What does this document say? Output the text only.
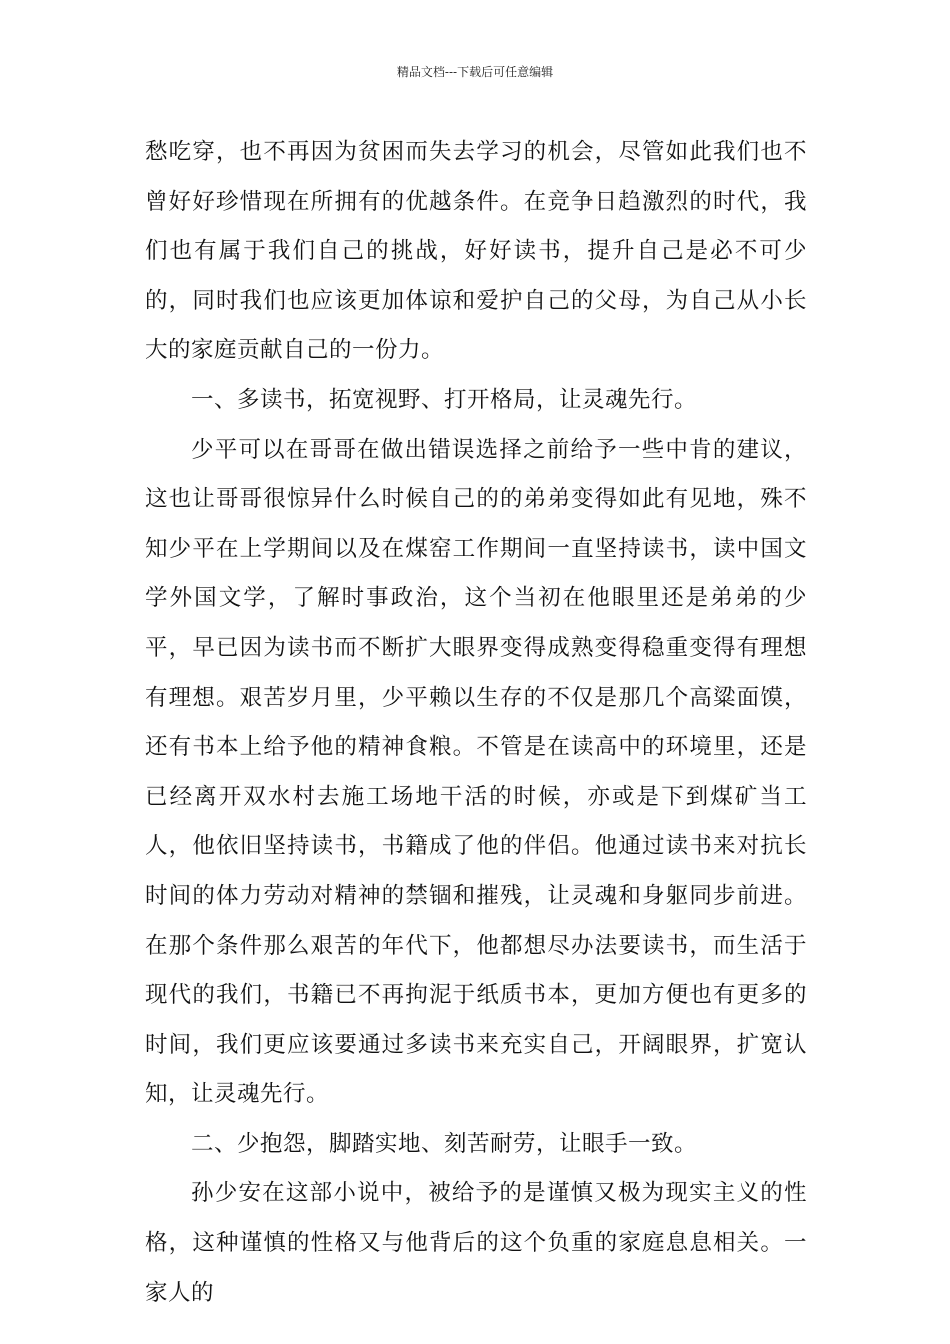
精品文档---下载后可任意编辑

愁吃穿，也不再因为贫困而失去学习的机会，尽管如此我们也不曾好好珍惜现在所拥有的优越条件。在竞争日趋激烈的时代，我们也有属于我们自己的挑战，好好读书，提升自己是必不可少的，同时我们也应该更加体谅和爱护自己的父母，为自己从小长大的家庭贡献自己的一份力。

一、多读书，拓宽视野、打开格局，让灵魂先行。

少平可以在哥哥在做出错误选择之前给予一些中肯的建议，这也让哥哥很惊异什么时候自己的的弟弟变得如此有见地，殊不知少平在上学期间以及在煤窑工作期间一直坚持读书，读中国文学外国文学，了解时事政治，这个当初在他眼里还是弟弟的少平，早已因为读书而不断扩大眼界变得成熟变得稳重变得有理想有理想。艰苦岁月里，少平赖以生存的不仅是那几个高粱面馍，还有书本上给予他的精神食粮。不管是在读高中的环境里，还是已经离开双水村去施工场地干活的时候，亦或是下到煤矿当工人，他依旧坚持读书，书籍成了他的伴侣。他通过读书来对抗长时间的体力劳动对精神的禁锢和摧残，让灵魂和身躯同步前进。在那个条件那么艰苦的年代下，他都想尽办法要读书，而生活于现代的我们，书籍已不再拘泥于纸质书本，更加方便也有更多的时间，我们更应该要通过多读书来充实自己，开阔眼界，扩宽认知，让灵魂先行。

二、少抱怨，脚踏实地、刻苦耐劳，让眼手一致。

孙少安在这部小说中，被给予的是谨慎又极为现实主义的性格，这种谨慎的性格又与他背后的这个负重的家庭息息相关。一家人的
